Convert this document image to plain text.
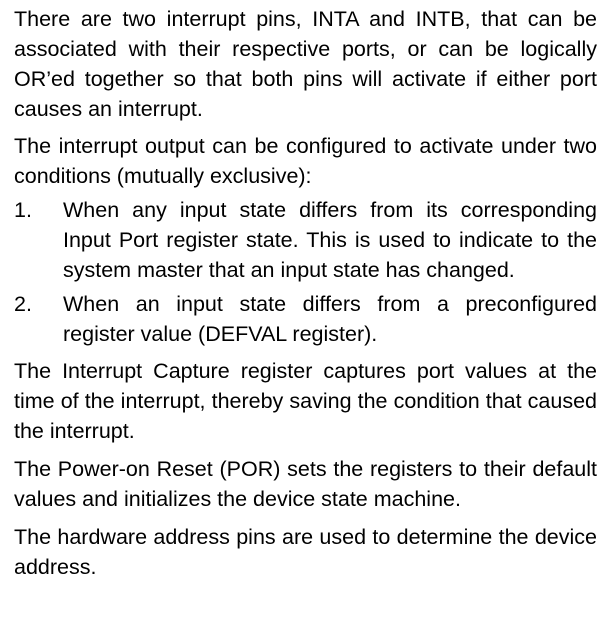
There are two interrupt pins, INTA and INTB, that can be associated with their respective ports, or can be logically OR’ed together so that both pins will activate if either port causes an interrupt.

The interrupt output can be configured to activate under two conditions (mutually exclusive):

1. When any input state differs from its corresponding Input Port register state. This is used to indicate to the system master that an input state has changed.
2. When an input state differs from a preconfigured register value (DEFVAL register).

The Interrupt Capture register captures port values at the time of the interrupt, thereby saving the condition that caused the interrupt.

The Power-on Reset (POR) sets the registers to their default values and initializes the device state machine.

The hardware address pins are used to determine the device address.
